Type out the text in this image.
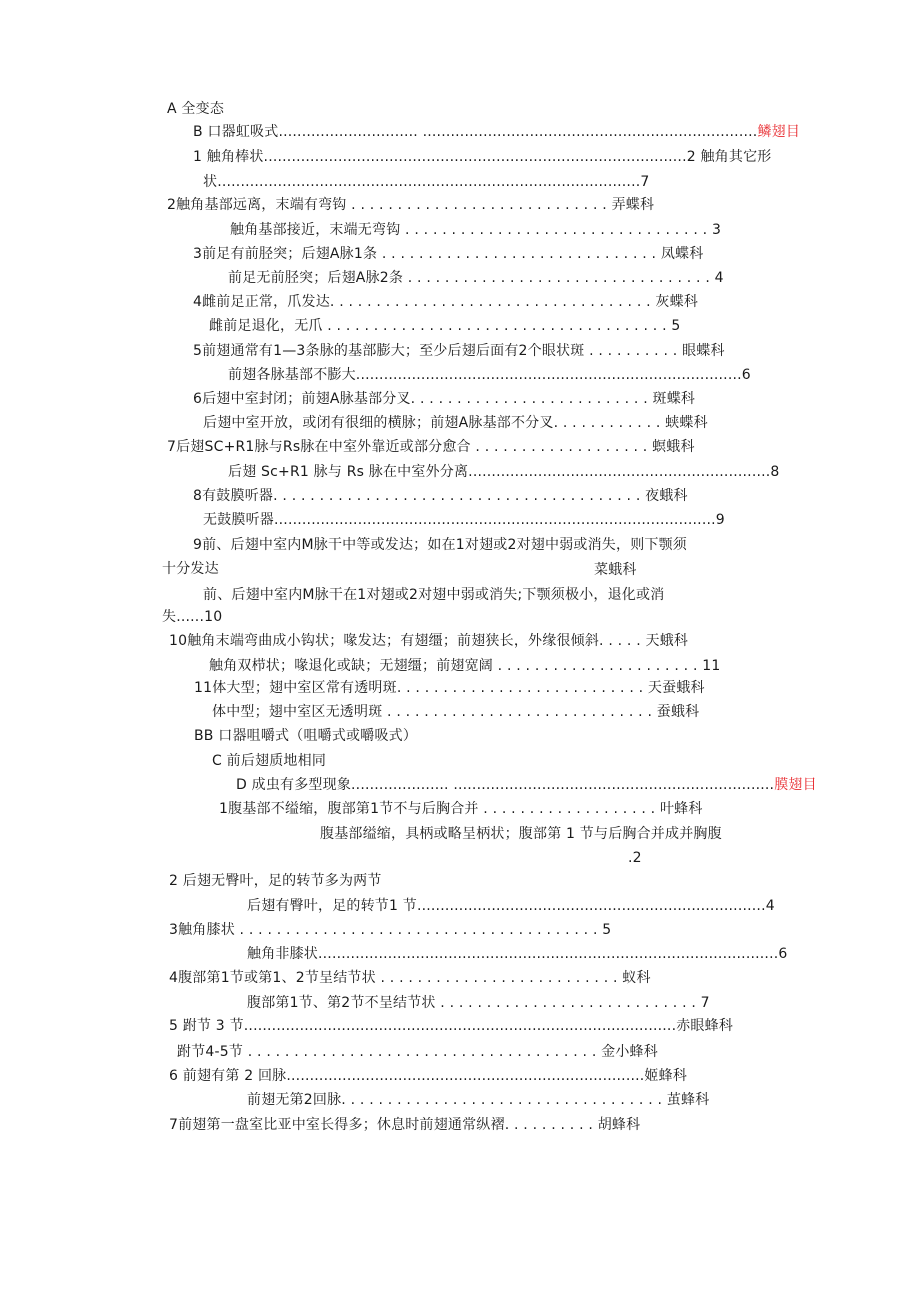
A 全变态
B 口器虹吸式.............................. ........................................................................鳞翅目
1 触角棒状...........................................................................................2 触角其它形
状...........................................................................................7
2触角基部远离，末端有弯钩 . . . . . . . . . . . . . . . . . . . . . . . . . . . . 弄蝶科
触角基部接近，末端无弯钩 . . . . . . . . . . . . . . . . . . . . . . . . . . . . . . . . . 3
3前足有前胫突；后翅A脉1条 . . . . . . . . . . . . . . . . . . . . . . . . . . . . . . 凤蝶科
前足无前胫突；后翅A脉2条 . . . . . . . . . . . . . . . . . . . . . . . . . . . . . . . . . 4
4雌前足正常，爪发达. . . . . . . . . . . . . . . . . . . . . . . . . . . . . . . . . . . 灰蝶科
雌前足退化，无爪 . . . . . . . . . . . . . . . . . . . . . . . . . . . . . . . . . . . . . 5
5前翅通常有1—3条脉的基部膨大；至少后翅后面有2个眼状斑 . . . . . . . . . . 眼蝶科
前翅各脉基部不膨大...................................................................................6
6后翅中室封闭；前翅A脉基部分叉. . . . . . . . . . . . . . . . . . . . . . . . . . 斑蝶科
后翅中室开放，或闭有很细的横脉；前翅A脉基部不分叉. . . . . . . . . . . . 蛱蝶科
7后翅SC+R1脉与Rs脉在中室外靠近或部分愈合 . . . . . . . . . . . . . . . . . . . 螟蛾科
后翅 Sc+R1 脉与 Rs 脉在中室外分离.................................................................8
8有鼓膜听器. . . . . . . . . . . . . . . . . . . . . . . . . . . . . . . . . . . . . . . . 夜蛾科
无鼓膜听器...............................................................................................9
9前、后翅中室内M脉干中等或发达；如在1对翅或2对翅中弱或消失，则下颚须
十分发达	菜蛾科
前、后翅中室内M脉干在1对翅或2对翅中弱或消失;下颚须极小，退化或消
失......10
10触角末端弯曲成小钩状；喙发达；有翅缰；前翅狭长，外缘很倾斜. . . . . 天蛾科
触角双栉状；喙退化或缺；无翅缰；前翅宽阔 . . . . . . . . . . . . . . . . . . . . . . 11
11体大型；翅中室区常有透明斑. . . . . . . . . . . . . . . . . . . . . . . . . . . 天蚕蛾科
体中型；翅中室区无透明斑 . . . . . . . . . . . . . . . . . . . . . . . . . . . . . 蚕蛾科
BB 口器咀嚼式（咀嚼式或嚼吸式）
C 前后翅质地相同
D 成虫有多型现象..................... .....................................................................膜翅目
1腹基部不缢缩，腹部第1节不与后胸合并 . . . . . . . . . . . . . . . . . . . 叶蜂科
腹基部缢缩，具柄或略呈柄状；腹部第 1 节与后胸合并成并胸腹
.2
2 后翅无臀叶，足的转节多为两节
后翅有臀叶，足的转节1 节...........................................................................4
3触角膝状 . . . . . . . . . . . . . . . . . . . . . . . . . . . . . . . . . . . . . . . 5
触角非膝状...................................................................................................6
4腹部第1节或第1、2节呈结节状 . . . . . . . . . . . . . . . . . . . . . . . . . . 蚁科
腹部第1节、第2节不呈结节状 . . . . . . . . . . . . . . . . . . . . . . . . . . . . 7
5 跗节 3 节.............................................................................................赤眼蜂科
跗节4-5节 . . . . . . . . . . . . . . . . . . . . . . . . . . . . . . . . . . . . . . 金小蜂科
6 前翅有第 2 回脉.............................................................................姬蜂科
前翅无第2回脉. . . . . . . . . . . . . . . . . . . . . . . . . . . . . . . . . . . 茧蜂科
7前翅第一盘室比亚中室长得多；休息时前翅通常纵褶. . . . . . . . . . 胡蜂科
